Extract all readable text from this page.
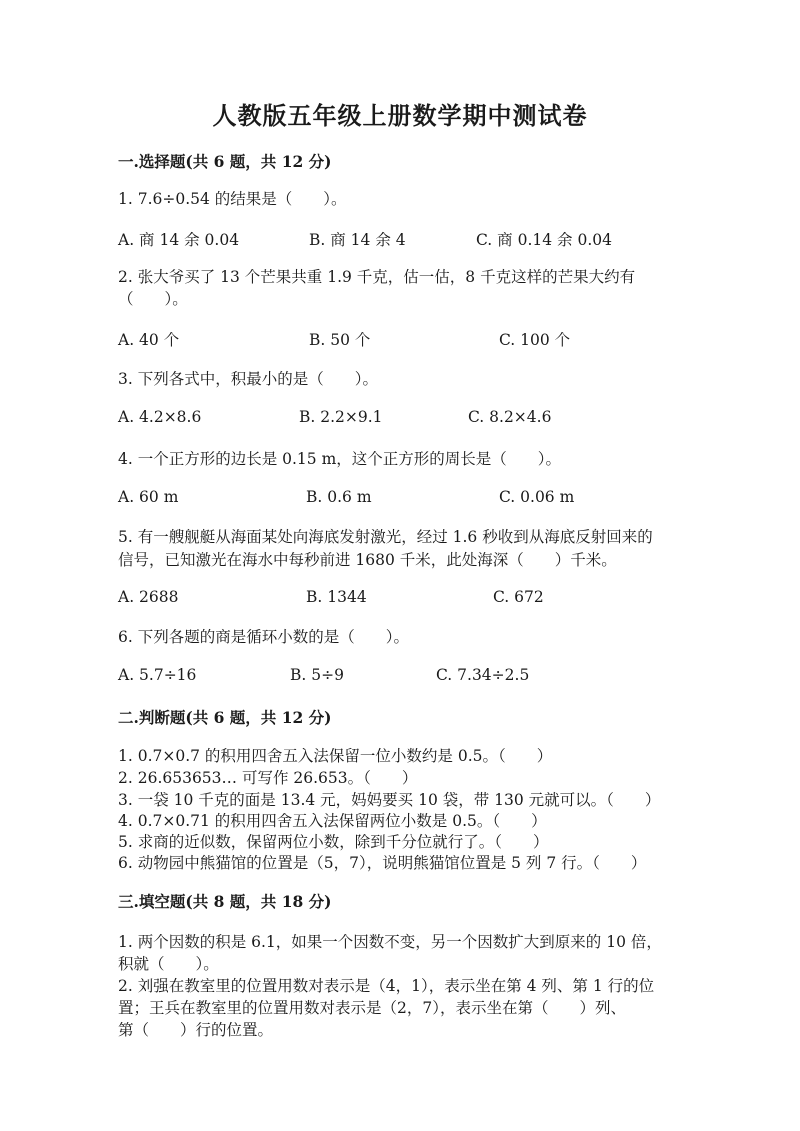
人教版五年级上册数学期中测试卷
一.选择题(共 6 题，共 12 分)
1. 7.6÷0.54 的结果是（　　）。
A. 商 14 余 0.04	B. 商 14 余 4	C. 商 0.14 余 0.04
2. 张大爷买了 13 个芒果共重 1.9 千克，估一估，8 千克这样的芒果大约有
（　　）。
A. 40 个	B. 50 个	C. 100 个
3. 下列各式中，积最小的是（　　）。
A. 4.2×8.6	B. 2.2×9.1	C. 8.2×4.6
4. 一个正方形的边长是 0.15 m，这个正方形的周长是（　　）。
A. 60 m	B. 0.6 m	C. 0.06 m
5. 有一艘舰艇从海面某处向海底发射激光，经过 1.6 秒收到从海底反射回来的
信号，已知激光在海水中每秒前进 1680 千米，此处海深（　　）千米。
A. 2688	B. 1344	C. 672
6. 下列各题的商是循环小数的是（　　）。
A. 5.7÷16	B. 5÷9	C. 7.34÷2.5
二.判断题(共 6 题，共 12 分)
1. 0.7×0.7 的积用四舍五入法保留一位小数约是 0.5。（　　）
2. 26.653653… 可写作 26.653。（　　）
3. 一袋 10 千克的面是 13.4 元，妈妈要买 10 袋，带 130 元就可以。（　　）
4. 0.7×0.71 的积用四舍五入法保留两位小数是 0.5。（　　）
5. 求商的近似数，保留两位小数，除到千分位就行了。（　　）
6. 动物园中熊猫馆的位置是（5，7），说明熊猫馆位置是 5 列 7 行。（　　）
三.填空题(共 8 题，共 18 分)
1. 两个因数的积是 6.1，如果一个因数不变，另一个因数扩大到原来的 10 倍，
积就（　　）。
2. 刘强在教室里的位置用数对表示是（4，1），表示坐在第 4 列、第 1 行的位
置；王兵在教室里的位置用数对表示是（2，7），表示坐在第（　　）列、
第（　　）行的位置。
